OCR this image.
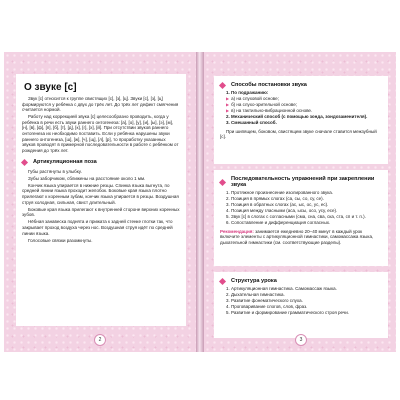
О звуке [с]

Звук [с] относится к группе свистящих [с], [з], [ц]. Звуки [с], [з], [ц] формируются у ребёнка с двух до трёх лет. До трёх лет дефект смягчения считается нормой.

Работу над коррекцией звука [с] целесообразно проводить, когда у ребёнка в речи есть звуки раннего онтогенеза: [а], [о], [у], [и], [ы], [э], [м], [н], [в], [ф], [п], [б], [т], [д], [к], [г], [х], [й]. При отсутствии звуков раннего онтогенеза их необходимо поставить. Если у ребёнка нарушены звуки раннего онтогенеза, [ш], [ж], [ч], [щ], [л], [р], то проработку указанных звуков проводят в примерной последовательности в работе с ребёнком от рождения до трёх лет.

Артикуляционная поза

Губы растянуты в улыбку.

Зубы заборчиком, сближены на расстояние около 1 мм.

Кончик языка упирается в нижние резцы. Спинка языка выгнута, по средней линии языка проходит желобок. Боковые края языка плотно прилегают к коренным зубам, кончик языка упирается в резцы. Воздушная струя холодная, сильная, свист длительный.

Боковые края языка прилегают к внутренней стороне верхних коренных зубов.

Нёбная занавеска поднята и прижата к задней стенке глотки так, что закрывает проход воздуха через нос. Воздушная струя идёт по средней линии языка.

Голосовые связки разомкнуты.

2
Способы постановки звука
1. По подражанию:
▶ а) на слуховой основе;
▶ б) на слухо-зрительной основе;
▶ в) на тактильно-вибрационной основе.
2. Механический способ (с помощью зонда, зондозаменителя).
3. Смешанный способ.

При шипящем, боковом, свистящем звуке сначале ставится межзубный [с].

Последовательность упражнений при закреплении звука
1. Протяжное произнесение изолированного звука.
2. Позиция в прямых слогах (са, сы, со, су, се).
3. Позиция в обратных слогах (ас, ыс, ос, ус, ес).
4. Позиция между гласными (аса, ысы, осо, усу, есе).
5. Звук [с] в слогах с согласными (сма, сна, сва, ска, ста, сп и т. п.).
6. Сопоставление и дифференциация согласных.
Рекомендация: занимается ежедневно 20–40 минут в каждый урок включите элементы с артикуляционной гимнастики, самомассажа языка, дыхательной гимнастики (см. соответствующие разделы).
Структура урока
1. Артикуляционная гимнастика. Самомассаж языка.
2. Дыхательная гимнастика.
3. Развитие фонематического слуха.
4. Проговаривание слогов, слов, фраз.
5. Развитие и формирование грамматического строя речи.
3
